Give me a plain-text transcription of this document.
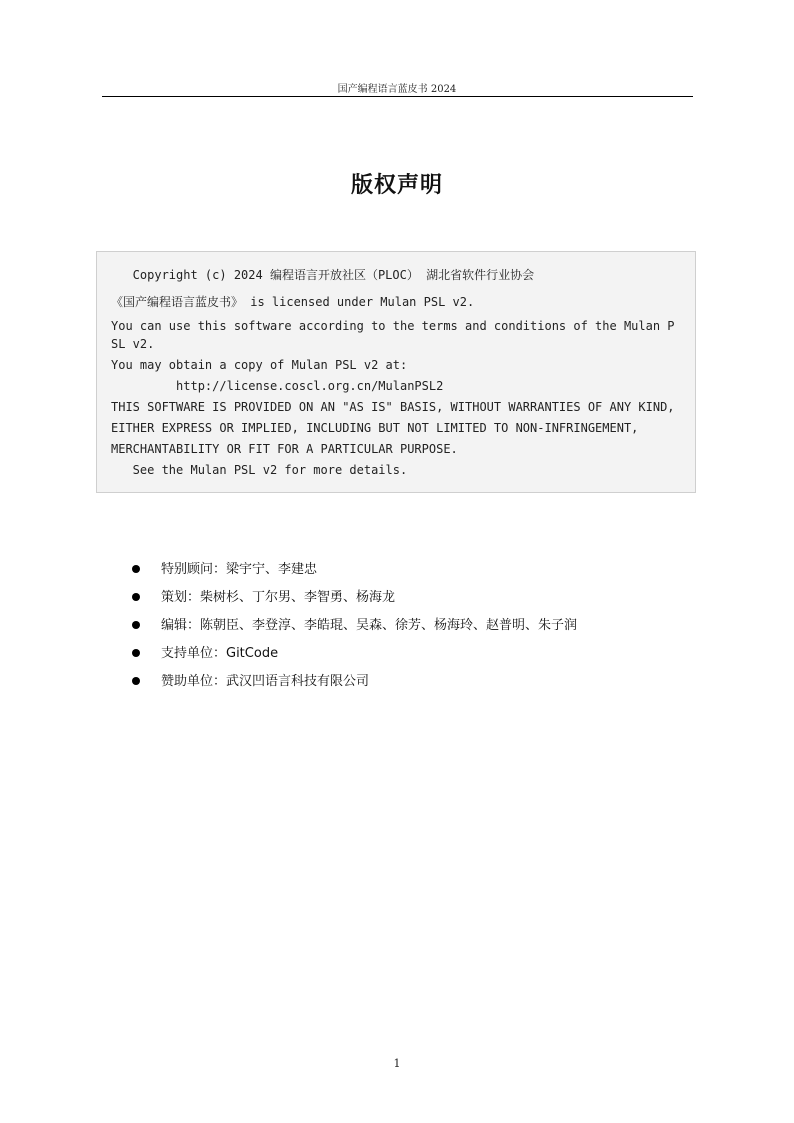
国产编程语言蓝皮书 2024
版权声明
Copyright (c) 2024 编程语言开放社区（PLOC） 湖北省软件行业协会
《国产编程语言蓝皮书》 is licensed under Mulan PSL v2.
You can use this software according to the terms and conditions of the Mulan P
SL v2.
You may obtain a copy of Mulan PSL v2 at:
http://license.coscl.org.cn/MulanPSL2
THIS SOFTWARE IS PROVIDED ON AN "AS IS" BASIS, WITHOUT WARRANTIES OF ANY KIND,
EITHER EXPRESS OR IMPLIED, INCLUDING BUT NOT LIMITED TO NON-INFRINGEMENT,
MERCHANTABILITY OR FIT FOR A PARTICULAR PURPOSE.
See the Mulan PSL v2 for more details.
特别顾问：梁宇宁、李建忠
策划：柴树杉、丁尔男、李智勇、杨海龙
编辑：陈朝臣、李登淳、李皓琨、吴森、徐芳、杨海玲、赵普明、朱子润
支持单位：GitCode
赞助单位：武汉凹语言科技有限公司
1
